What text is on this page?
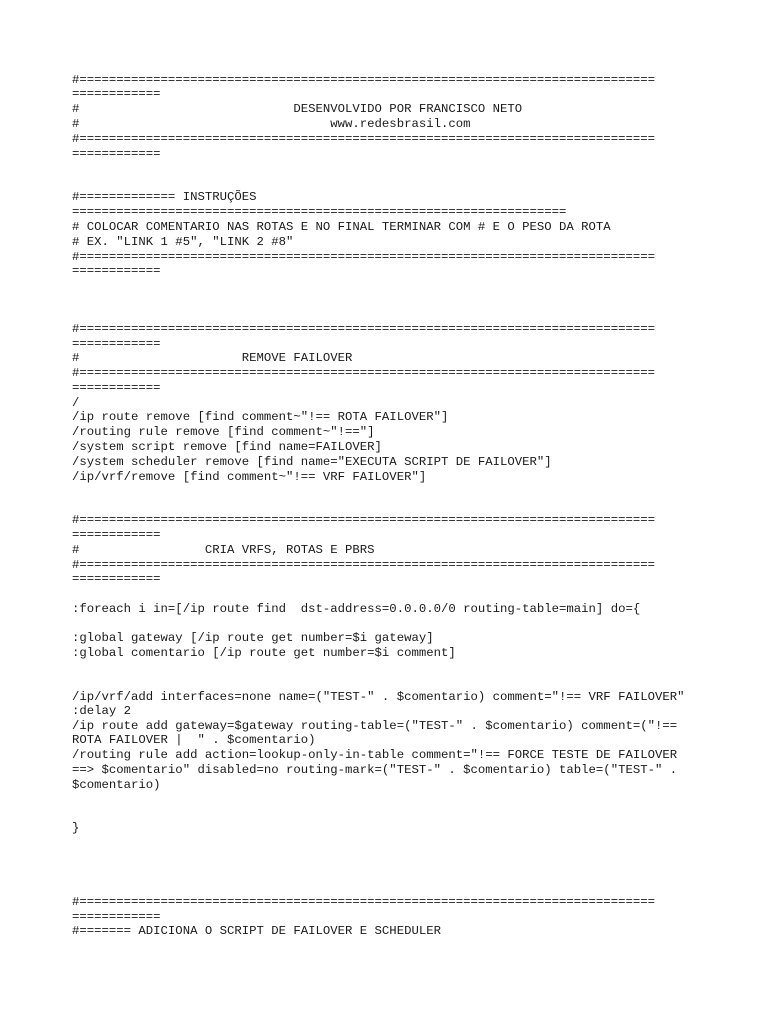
#==============================================================================
============
#                             DESENVOLVIDO POR FRANCISCO NETO
#                                  www.redesbrasil.com
#==============================================================================
============
#============= INSTRUÇÕES
===================================================================
# COLOCAR COMENTARIO NAS ROTAS E NO FINAL TERMINAR COM # E O PESO DA ROTA
# EX. "LINK 1 #5", "LINK 2 #8"
#==============================================================================
============
#==============================================================================
============
#                      REMOVE FAILOVER
#==============================================================================
============
/
/ip route remove [find comment~"!== ROTA FAILOVER"]
/routing rule remove [find comment~"!=="]
/system script remove [find name=FAILOVER]
/system scheduler remove [find name="EXECUTA SCRIPT DE FAILOVER"]
/ip/vrf/remove [find comment~"!== VRF FAILOVER"]
#==============================================================================
============
#                 CRIA VRFS, ROTAS E PBRS
#==============================================================================
============
:foreach i in=[/ip route find  dst-address=0.0.0.0/0 routing-table=main] do={
:global gateway [/ip route get number=$i gateway]
:global comentario [/ip route get number=$i comment]
/ip/vrf/add interfaces=none name=("TEST-" . $comentario) comment="!== VRF FAILOVER"
:delay 2
/ip route add gateway=$gateway routing-table=("TEST-" . $comentario) comment=("!==
ROTA FAILOVER |  " . $comentario)
/routing rule add action=lookup-only-in-table comment="!== FORCE TESTE DE FAILOVER
==> $comentario" disabled=no routing-mark=("TEST-" . $comentario) table=("TEST-" .
$comentario)
}
#==============================================================================
============
#======= ADICIONA O SCRIPT DE FAILOVER E SCHEDULER
